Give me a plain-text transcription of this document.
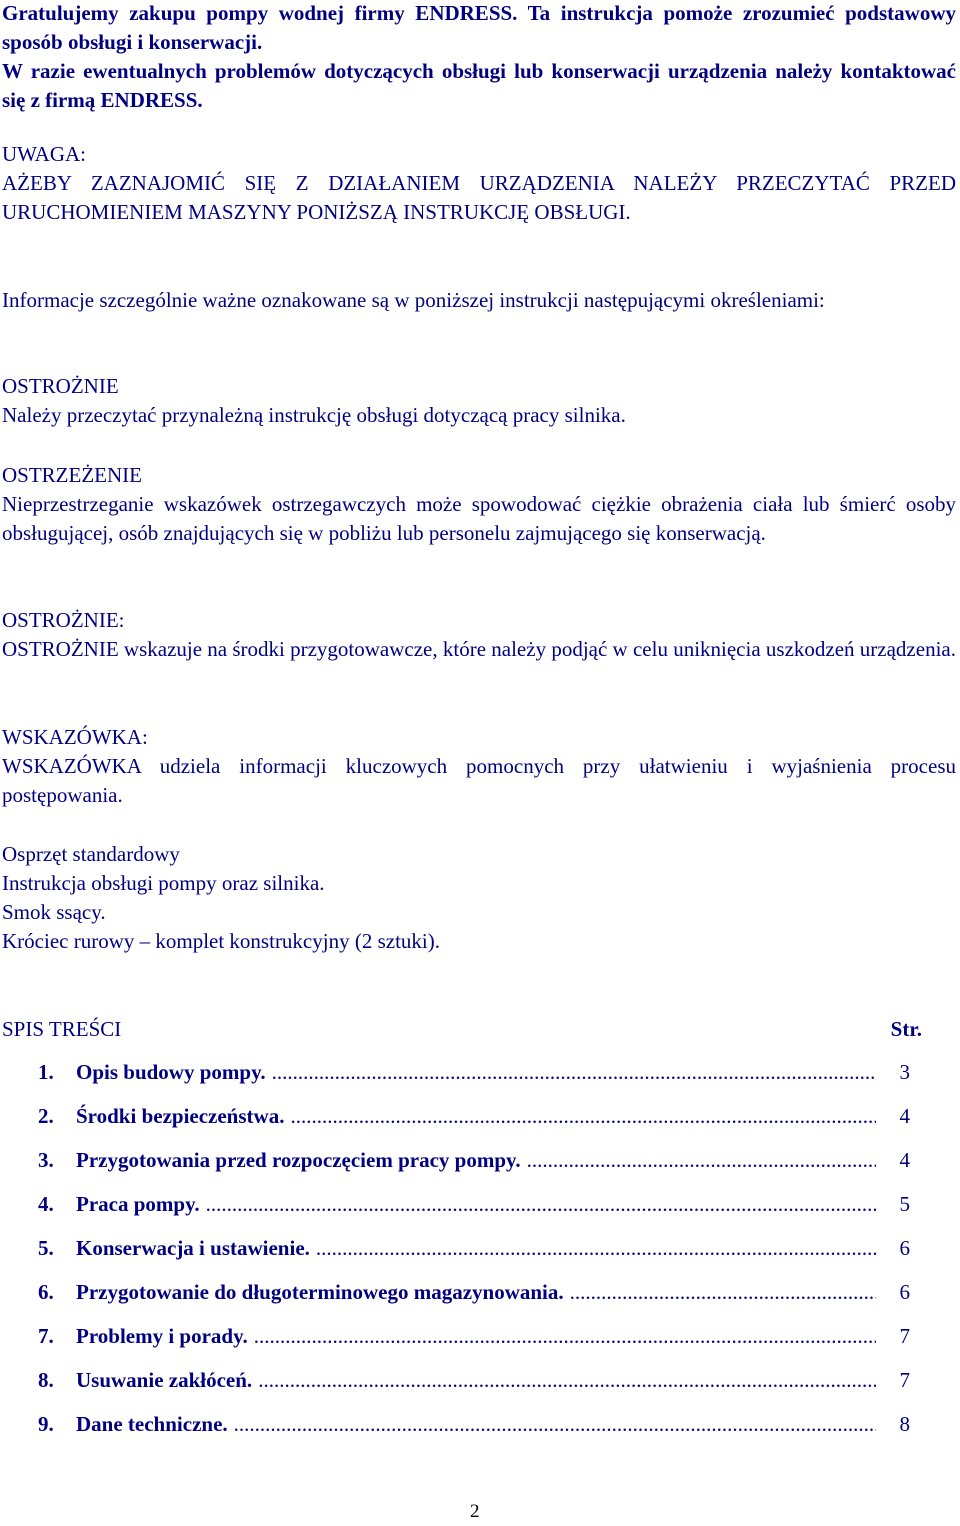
Gratulujemy zakupu pompy wodnej firmy ENDRESS. Ta instrukcja pomoże zrozumieć podstawowy sposób obsługi i konserwacji.

W razie ewentualnych problemów dotyczących obsługi lub konserwacji urządzenia należy kontaktować się z firmą ENDRESS.

UWAGA:

AŻEBY ZAZNAJOMIĆ SIĘ Z DZIAŁANIEM URZĄDZENIA NALEŻY PRZECZYTAĆ PRZED URUCHOMIENIEM MASZYNY PONIŻSZĄ INSTRUKCJĘ OBSŁUGI.

Informacje szczególnie ważne oznakowane są w poniższej instrukcji następującymi określeniami:

OSTROŻNIE

Należy przeczytać przynależną instrukcję obsługi dotyczącą pracy silnika.

OSTRZEŻENIE

Nieprzestrzeganie wskazówek ostrzegawczych może spowodować ciężkie obrażenia ciała lub śmierć osoby obsługującej, osób znajdujących się w pobliżu lub personelu zajmującego się konserwacją.

OSTROŻNIE:

OSTROŻNIE wskazuje na środki przygotowawcze, które należy podjąć w celu uniknięcia uszkodzeń urządzenia.

WSKAZÓWKA:

WSKAZÓWKA udziela informacji kluczowych pomocnych przy ułatwieniu i wyjaśnienia procesu postępowania.

Osprzęt standardowy

Instrukcja obsługi pompy oraz silnika.

Smok ssący.

Króciec rurowy – komplet konstrukcyjny (2 sztuki).

SPIS TREŚCI	Str.
1.	Opis budowy pompy. .....	3
2.	Środki bezpieczeństwa. .....	4
3.	Przygotowania przed rozpoczęciem pracy pompy. .....	4
4.	Praca pompy. .....	5
5.	Konserwacja i ustawienie. .....	6
6.	Przygotowanie do długoterminowego magazynowania. .....	6
7.	Problemy i porady. .....	7
8.	Usuwanie zakłóceń. .....	7
9.	Dane techniczne. .....	8
2
